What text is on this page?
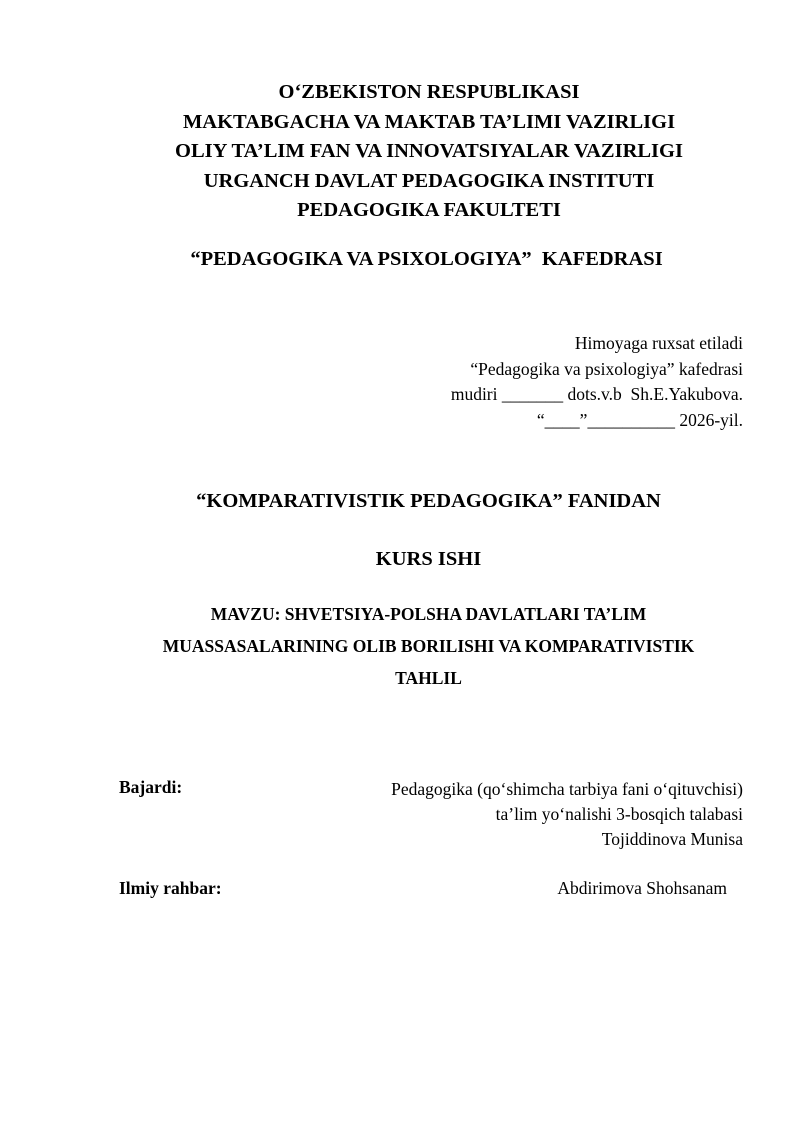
O‘ZBEKISTON RESPUBLIKASI
MAKTABGACHA VA MAKTAB TA’LIMI VAZIRLIGI
OLIY TA’LIM FAN VA INNOVATSIYALAR VAZIRLIGI
URGANCH DAVLAT PEDAGOGIKA INSTITUTI
PEDAGOGIKA FAKULTETI
“PEDAGOGIKA VA PSIXOLOGIYA”  KAFEDRASI
Himoyaga ruxsat etiladi
“Pedagogika va psixologiya” kafedrasi
mudiri _______ dots.v.b  Sh.E.Yakubova.
“____”__________ 2026-yil.
“KOMPARATIVISTIK PEDAGOGIKA” FANIDAN
KURS ISHI
MAVZU: SHVETSIYA-POLSHA DAVLATLARI TA’LIM
MUASSASALARINING OLIB BORILISHI VA KOMPARATIVISTIK
TAHLIL
Bajardi:	Pedagogika (qo‘shimcha tarbiya fani o‘qituvchisi)
ta’lim yo‘nalishi 3-bosqich talabasi
Tojiddinova Munisa
Ilmiy rahbar:	Abdirimova Shohsanam
